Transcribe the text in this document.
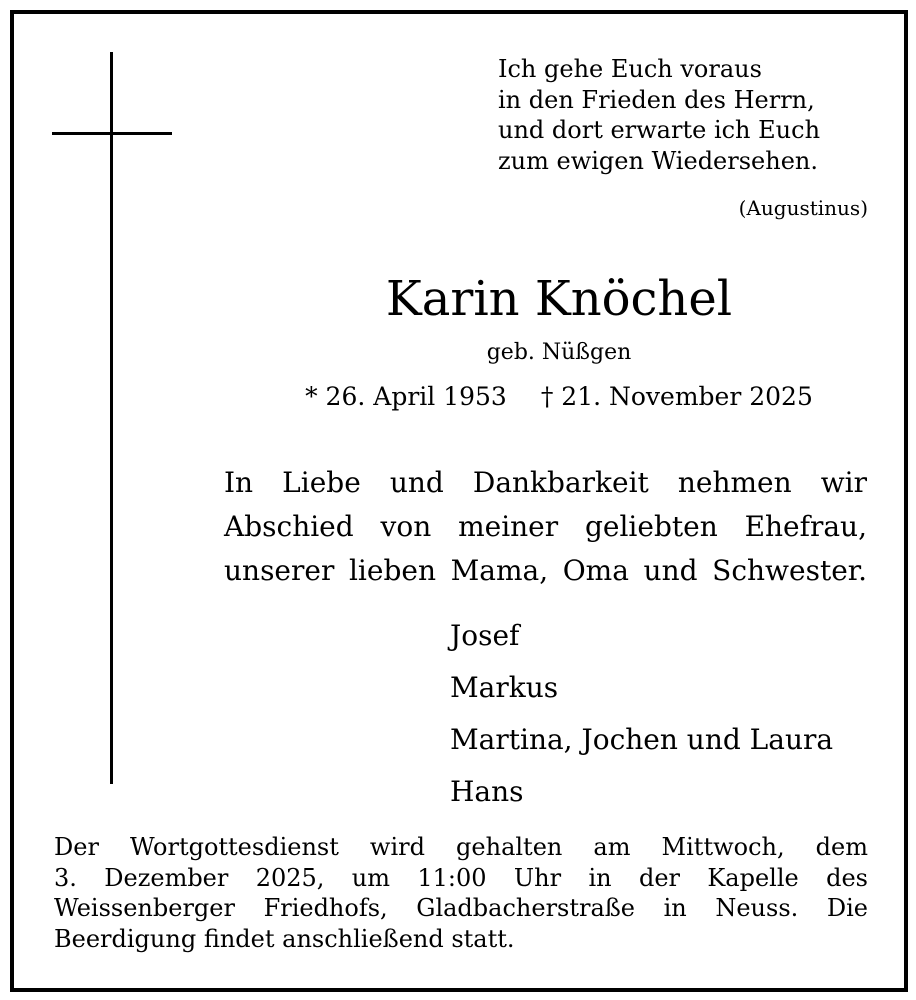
Ich gehe Euch voraus
in den Frieden des Herrn,
und dort erwarte ich Euch
zum ewigen Wiedersehen.
(Augustinus)
Karin Knöchel
geb. Nüßgen
* 26. April 1953 † 21. November 2025
In Liebe und Dankbarkeit nehmen wir
Abschied von meiner geliebten Ehefrau,
unserer lieben Mama, Oma und Schwester.
Josef
Markus
Martina, Jochen und Laura
Hans
Der Wortgottesdienst wird gehalten am Mittwoch, dem
3. Dezember 2025, um 11:00 Uhr in der Kapelle des
Weissenberger Friedhofs, Gladbacherstraße in Neuss. Die
Beerdigung findet anschließend statt.
